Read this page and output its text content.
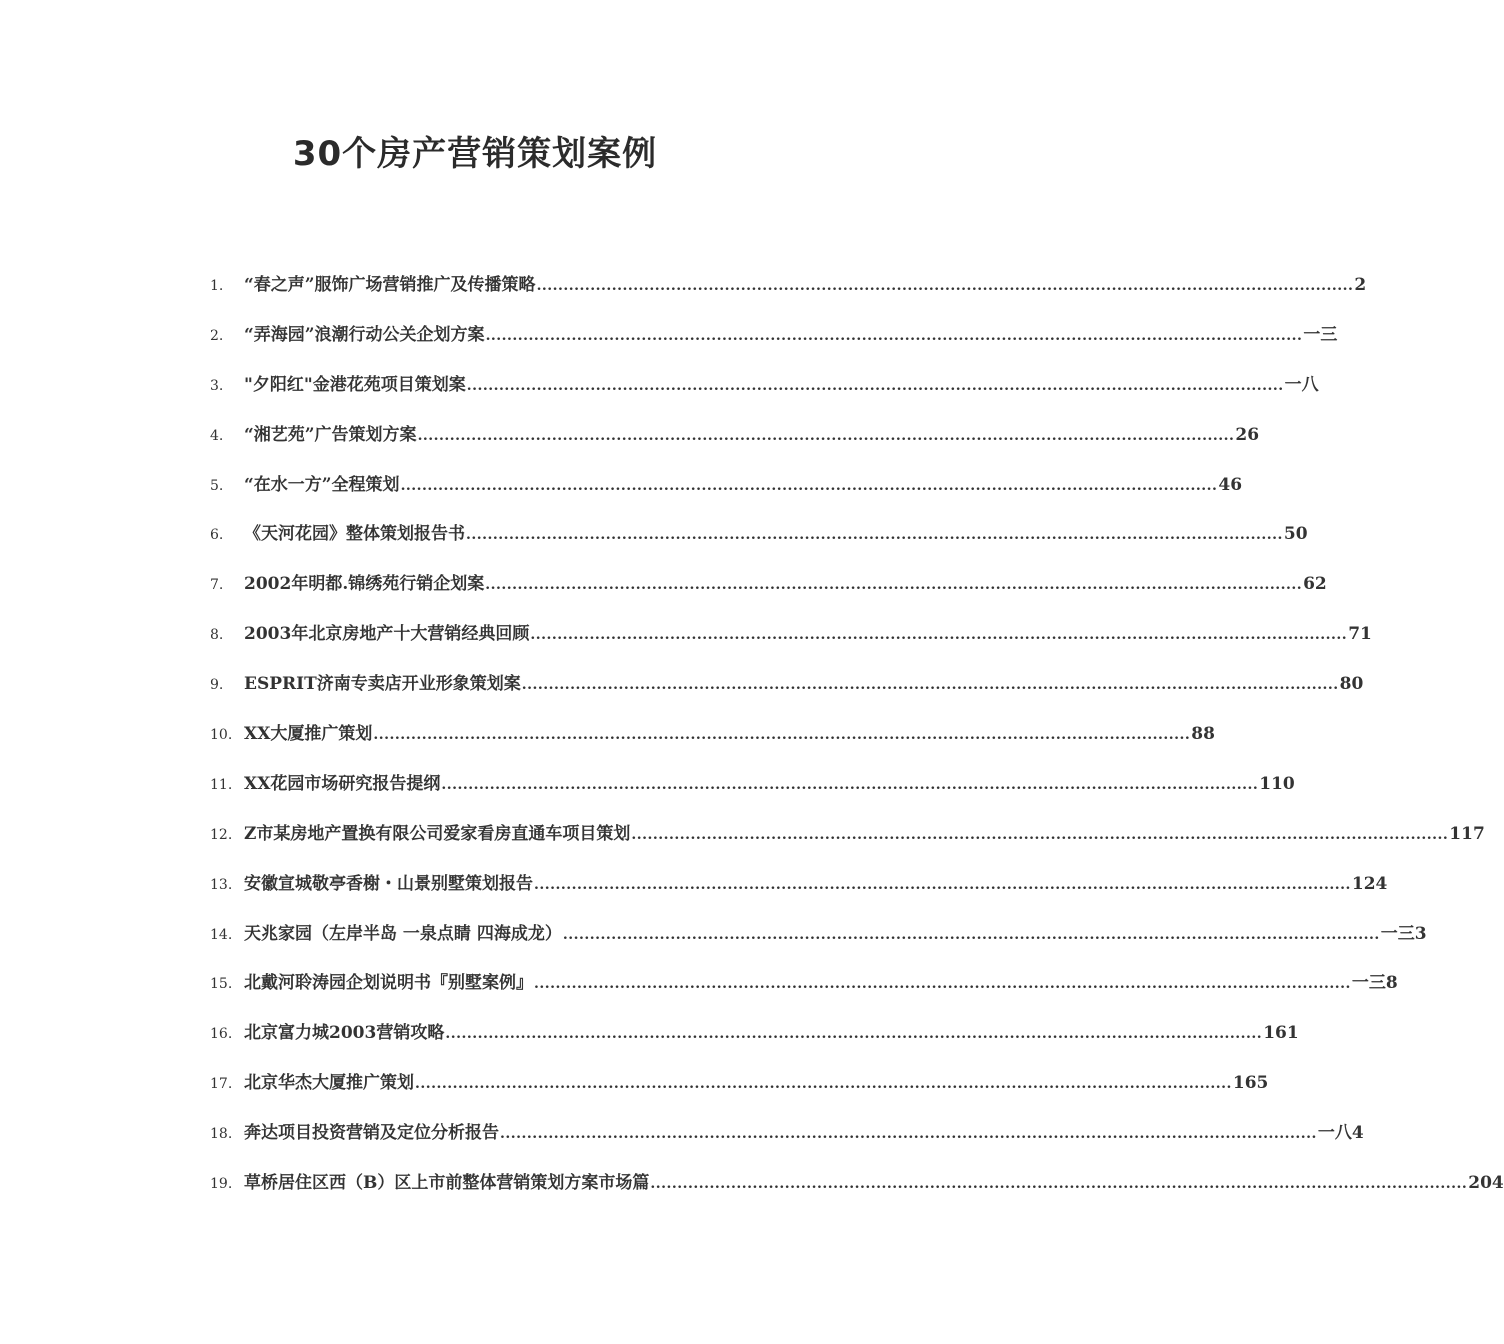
30个房产营销策划案例
1.	“春之声”服饰广场营销推广及传播策略 .....	2
2.	“弄海园”浪潮行动公关企划方案 .....	一三
3.	"夕阳红"金港花苑项目策划案 .....	一八
4.	“湘艺苑”广告策划方案 .....	26
5.	“在水一方”全程策划 .....	46
6.	《天河花园》整体策划报告书 .....	50
7.	2002年明都.锦绣苑行销企划案 .....	62
8.	2003年北京房地产十大营销经典回顾 .....	71
9.	ESPRIT济南专卖店开业形象策划案 .....	80
10. XX大厦推广策划 .....	88
11. XX花园市场研究报告提纲 .....	110
12. Z市某房地产置换有限公司爱家看房直通车项目策划 .....	117
13. 安徽宣城敬亭香榭・山景别墅策划报告 .....	124
14. 天兆家园（左岸半岛 一泉点睛 四海成龙） .....	一三3
15. 北戴河聆涛园企划说明书『别墅案例』 .....	一三8
16. 北京富力城2003营销攻略 .....	161
17. 北京华杰大厦推广策划 .....	165
18. 奔达项目投资营销及定位分析报告 .....	一八4
19. 草桥居住区西（B）区上市前整体营销策划方案市场篇 .....	204
